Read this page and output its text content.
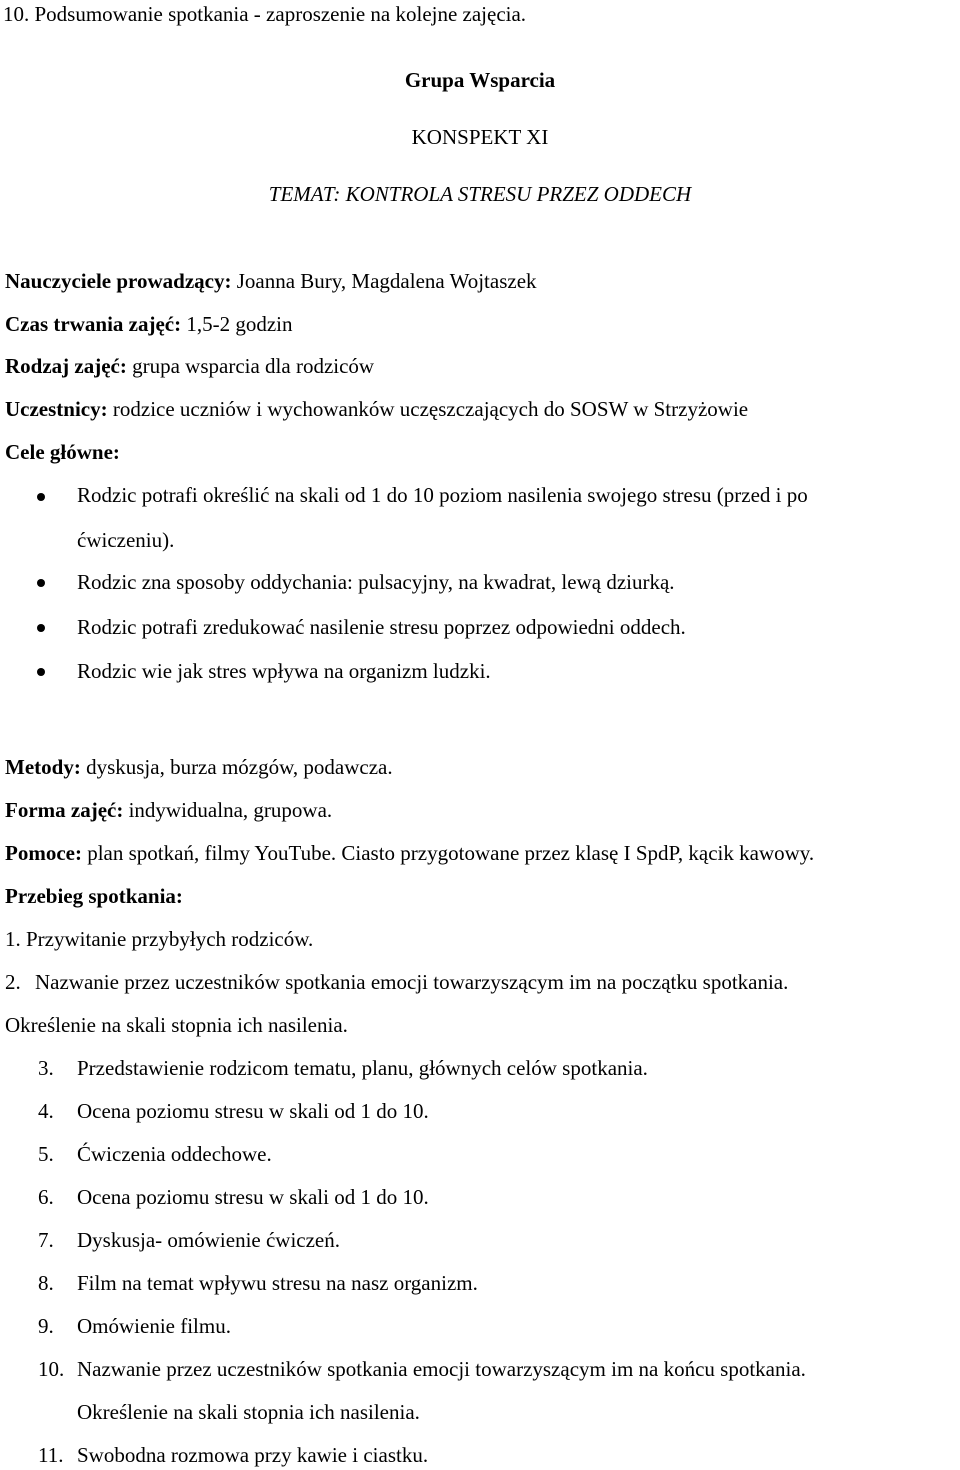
10. Podsumowanie spotkania - zaproszenie na kolejne zajęcia.
Grupa Wsparcia
KONSPEKT XI
TEMAT: KONTROLA STRESU PRZEZ ODDECH
Nauczyciele prowadzący: Joanna Bury, Magdalena Wojtaszek
Czas trwania zajęć: 1,5-2 godzin
Rodzaj zajęć: grupa wsparcia dla rodziców
Uczestnicy: rodzice uczniów i wychowanków uczęszczających do SOSW w Strzyżowie
Cele główne:
Rodzic potrafi określić na skali od 1 do 10 poziom nasilenia swojego stresu (przed i po
ćwiczeniu).
Rodzic zna sposoby oddychania: pulsacyjny, na kwadrat, lewą dziurką.
Rodzic potrafi zredukować nasilenie stresu poprzez odpowiedni oddech.
Rodzic wie jak stres wpływa na organizm ludzki.
Metody: dyskusja, burza mózgów, podawcza.
Forma zajęć: indywidualna, grupowa.
Pomoce: plan spotkań, filmy YouTube. Ciasto przygotowane przez klasę I SpdP, kącik kawowy.
Przebieg spotkania:
1. Przywitanie przybyłych rodziców.
2. Nazwanie przez uczestników spotkania emocji towarzyszącym im na początku spotkania.
Określenie na skali stopnia ich nasilenia.
3. Przedstawienie rodzicom tematu, planu, głównych celów spotkania.
4. Ocena poziomu stresu w skali od 1 do 10.
5. Ćwiczenia oddechowe.
6. Ocena poziomu stresu w skali od 1 do 10.
7. Dyskusja- omówienie ćwiczeń.
8. Film na temat wpływu stresu na nasz organizm.
9. Omówienie filmu.
10. Nazwanie przez uczestników spotkania emocji towarzyszącym im na końcu spotkania.
Określenie na skali stopnia ich nasilenia.
11. Swobodna rozmowa przy kawie i ciastku.
